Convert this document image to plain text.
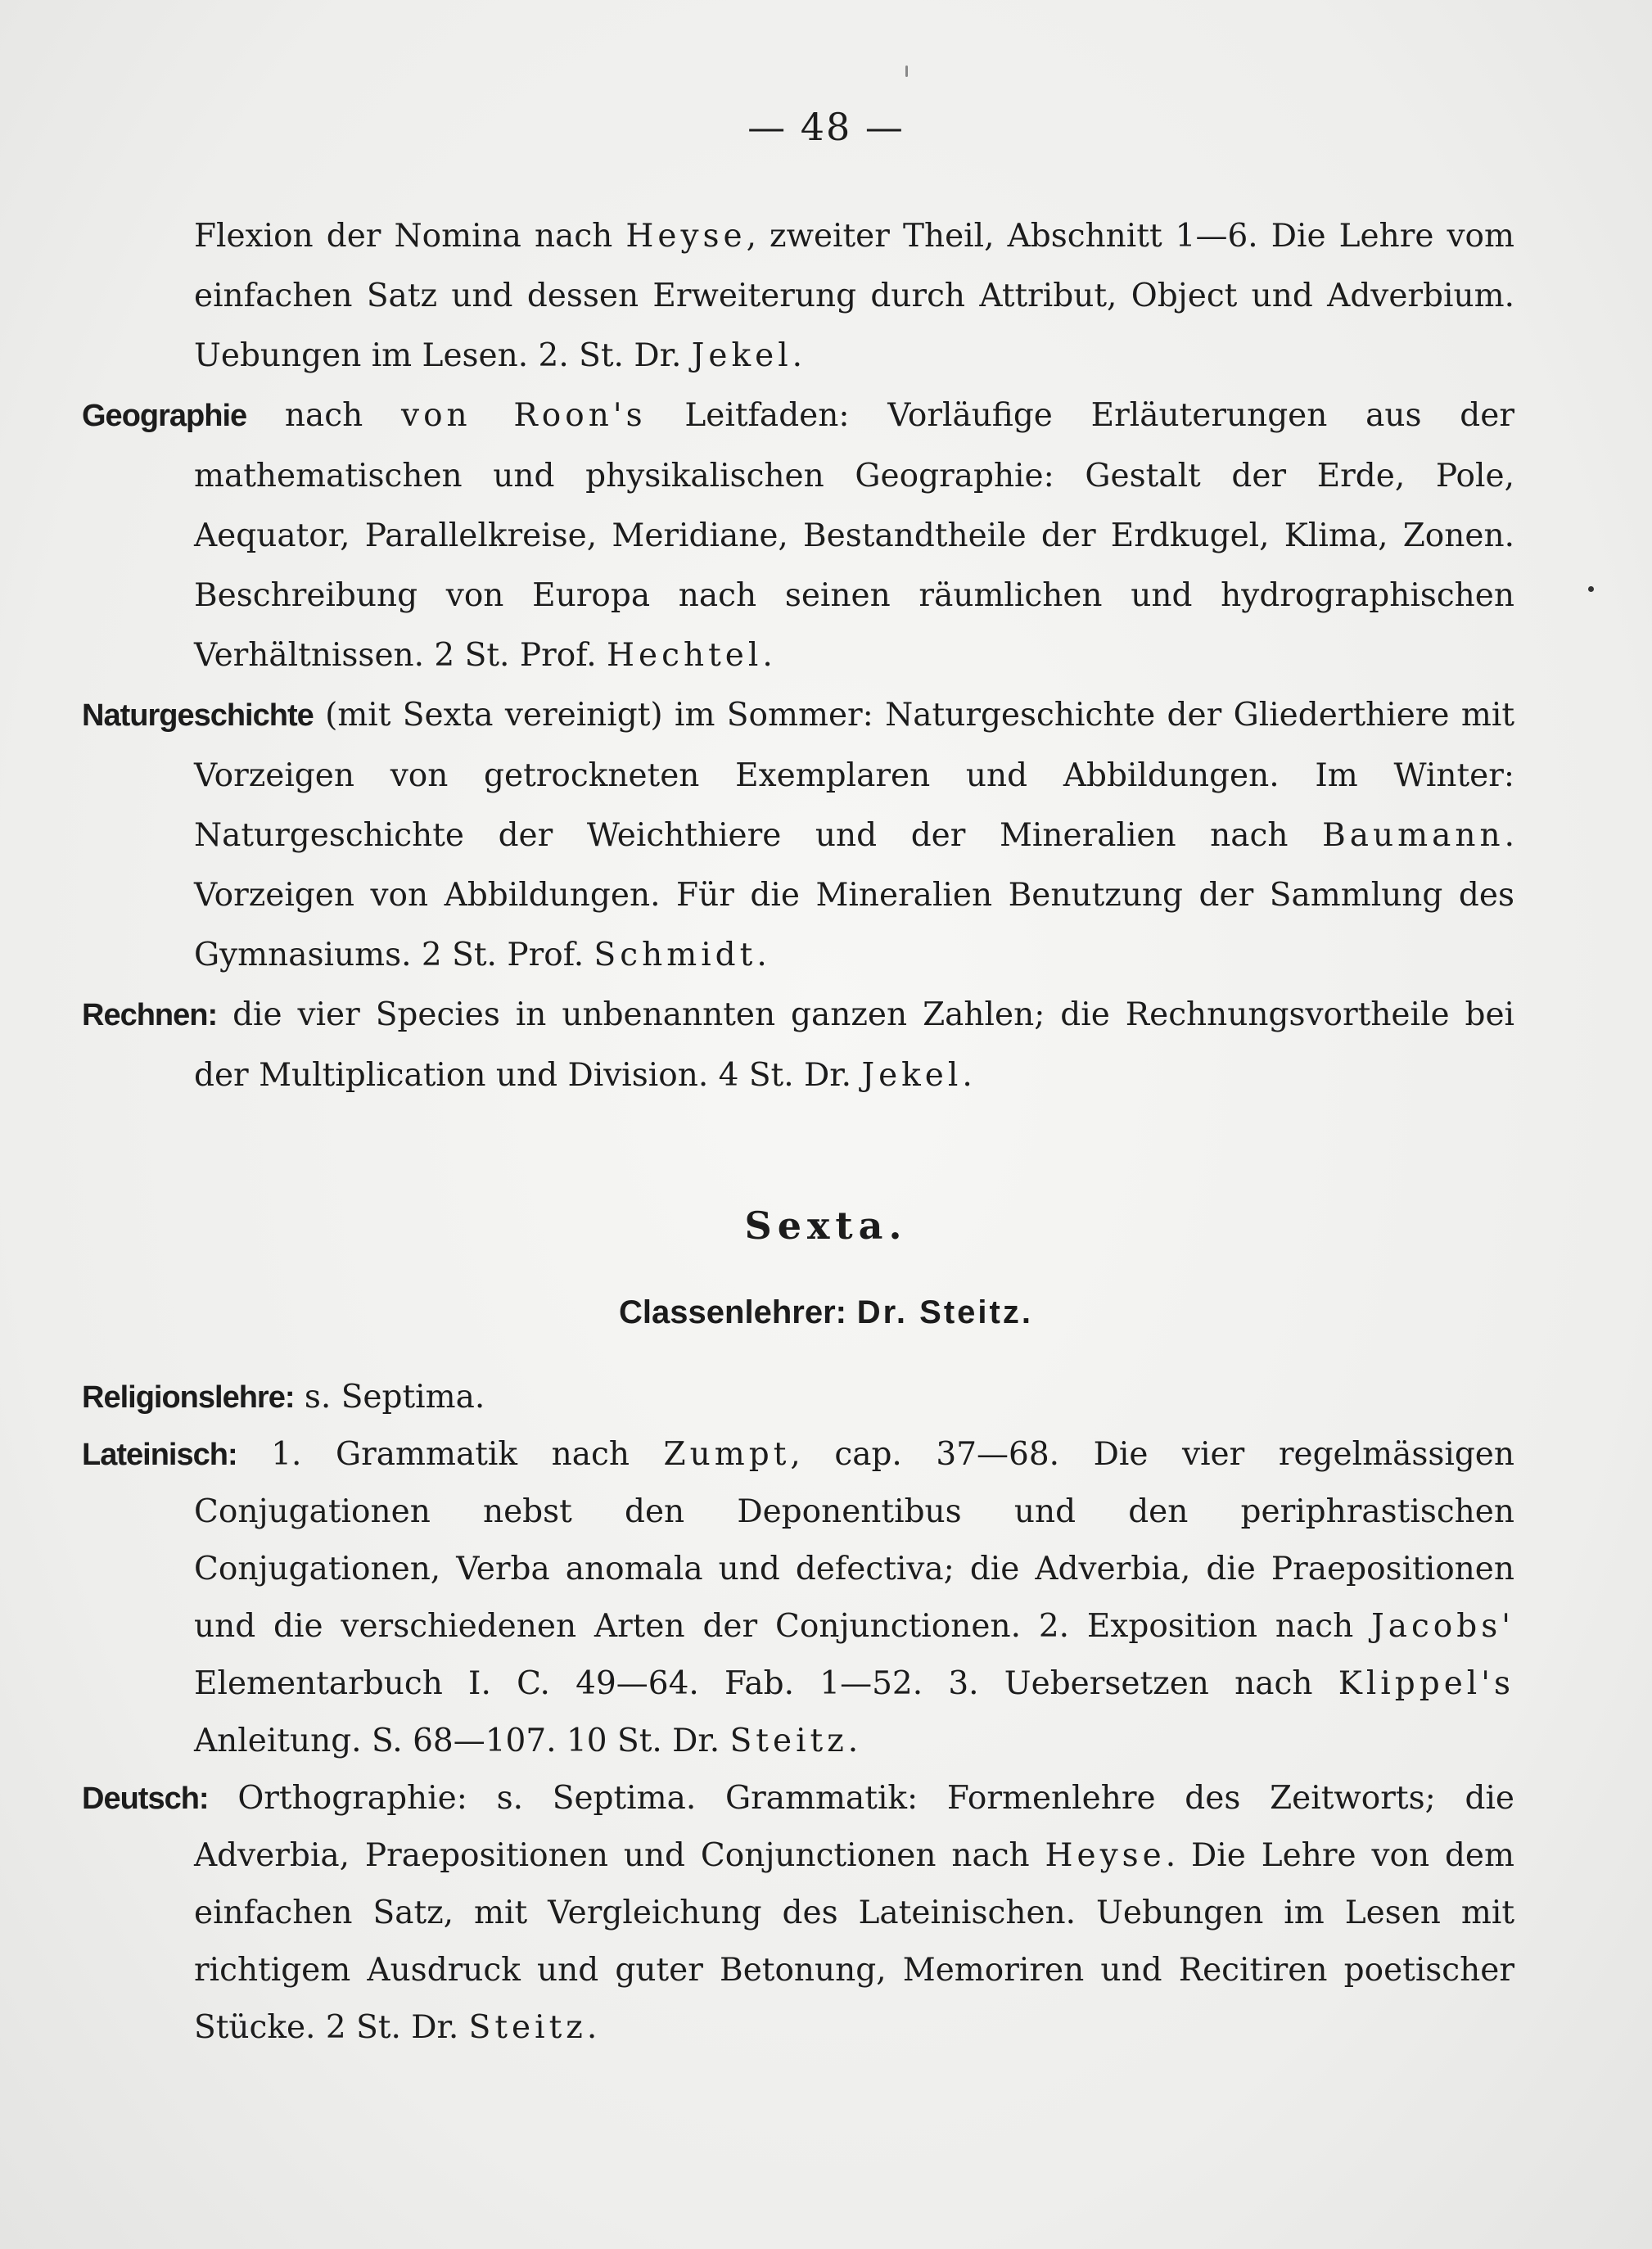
— 48 —

Flexion der Nomina nach Heyse, zweiter Theil, Abschnitt 1—6. Die Lehre vom einfachen Satz und dessen Erweiterung durch Attribut, Object und Adverbium. Uebungen im Lesen. 2. St. Dr. Jekel.

Geographie nach von Roon's Leitfaden: Vorläufige Erläuterungen aus der mathematischen und physikalischen Geographie: Gestalt der Erde, Pole, Aequator, Parallelkreise, Meridiane, Bestandtheile der Erdkugel, Klima, Zonen. Beschreibung von Europa nach seinen räumlichen und hydrographischen Verhältnissen. 2 St. Prof. Hechtel.

Naturgeschichte (mit Sexta vereinigt) im Sommer: Naturgeschichte der Gliederthiere mit Vorzeigen von getrockneten Exemplaren und Abbildungen. Im Winter: Naturgeschichte der Weichthiere und der Mineralien nach Baumann. Vorzeigen von Abbildungen. Für die Mineralien Benutzung der Sammlung des Gymnasiums. 2 St. Prof. Schmidt.

Rechnen: die vier Species in unbenannten ganzen Zahlen; die Rechnungsvortheile bei der Multiplication und Division. 4 St. Dr. Jekel.

Sexta.
Classenlehrer: Dr. Steitz.

Religionslehre: s. Septima.

Lateinisch: 1. Grammatik nach Zumpt, cap. 37—68. Die vier regelmässigen Conjugationen nebst den Deponentibus und den periphrastischen Conjugationen, Verba anomala und defectiva; die Adverbia, die Praepositionen und die verschiedenen Arten der Conjunctionen. 2. Exposition nach Jacobs' Elementarbuch I. C. 49—64. Fab. 1—52. 3. Uebersetzen nach Klippel's Anleitung. S. 68—107. 10 St. Dr. Steitz.

Deutsch: Orthographie: s. Septima. Grammatik: Formenlehre des Zeitworts; die Adverbia, Praepositionen und Conjunctionen nach Heyse. Die Lehre von dem einfachen Satz, mit Vergleichung des Lateinischen. Uebungen im Lesen mit richtigem Ausdruck und guter Betonung, Memoriren und Recitiren poetischer Stücke. 2 St. Dr. Steitz.
